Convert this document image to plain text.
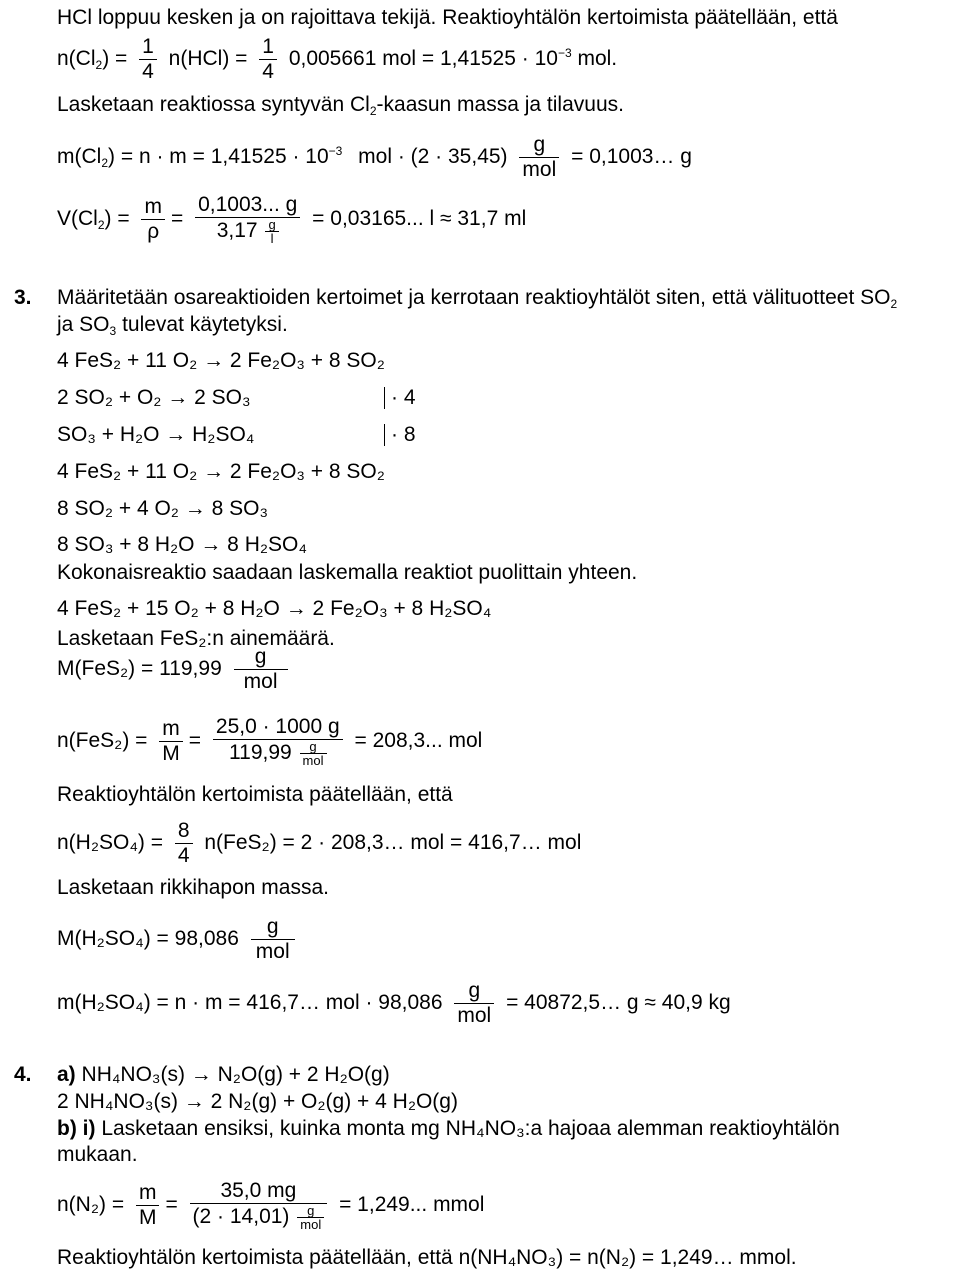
HCl loppuu kesken ja on rajoittava tekijä. Reaktioyhtälön kertoimista päätellään, että
$n(Cl_2) = \frac{1}{4} n(HCl) = \frac{1}{4} 0,005661$ mol = $1,41525 \cdot 10^{-3}$ mol.
Lasketaan reaktiossa syntyvän $Cl_2$-kaasun massa ja tilavuus.
$m(Cl_2) = n \cdot m = 1,41525 \cdot 10^{-3}$ mol · $(2 \cdot 35,45) \frac{g}{\text{mol}}$ = 0,1003… g
$V(Cl_2) = \frac{m}{\rho} = \frac{0,1003... g}{3,17 \frac{g}{l}} = 0,03165$... l ≈ 31,7 ml
3. Määritetään osareaktioiden kertoimet ja kerrotaan reaktioyhtälöt siten, että välituotteet $SO_2$
ja $SO_3$ tulevat käytetyksi.
4 FeS₂ + 11 O₂ → 2 Fe₂O₃ + 8 SO₂
2 SO₂ + O₂ → 2 SO₃	· 4
SO₃ + H₂O → H₂SO₄	· 8
4 FeS₂ + 11 O₂ → 2 Fe₂O₃ + 8 SO₂
8 SO₂ + 4 O₂ → 8 SO₃
8 SO₃ + 8 H₂O → 8 H₂SO₄
Kokonaisreaktio saadaan laskemalla reaktiot puolittain yhteen.
4 FeS₂ + 15 O₂ + 8 H₂O → 2 Fe₂O₃ + 8 H₂SO₄
Lasketaan FeS₂:n ainemäärä.
$M(FeS_2) = 119,99 \frac{g}{\text{mol}}$
$n(FeS_2) = \frac{m}{M} = \frac{25,0 \cdot 1000 g}{119,99 \frac{g}{\text{mol}}} = 208,3$... mol
Reaktioyhtälön kertoimista päätellään, että
$n(H_2SO_4) = \frac{8}{4} n(FeS_2) = 2$ · 208,3… mol = 416,7… mol
Lasketaan rikkihapon massa.
$M(H_2SO_4) = 98,086 \frac{g}{\text{mol}}$
m(H₂SO₄) = n · m = 416,7… mol · $98,086 \frac{g}{\text{mol}}$ = 40872,5… g ≈ 40,9 kg
4. a) NH₄NO₃(s) → N₂O(g) + 2 H₂O(g)
2 NH₄NO₃(s) → 2 N₂(g) + O₂(g) + 4 H₂O(g)
b) i) Lasketaan ensiksi, kuinka monta mg NH₄NO₃:a hajoaa alemman reaktioyhtälön
mukaan.
$n(N_2) = \frac{m}{M} = \frac{35,0 mg}{(2 \cdot 14,01) \frac{g}{\text{mol}}} = 1,249$... mmol
Reaktioyhtälön kertoimista päätellään, että n(NH₄NO₃) = n(N₂) = 1,249… mmol.
